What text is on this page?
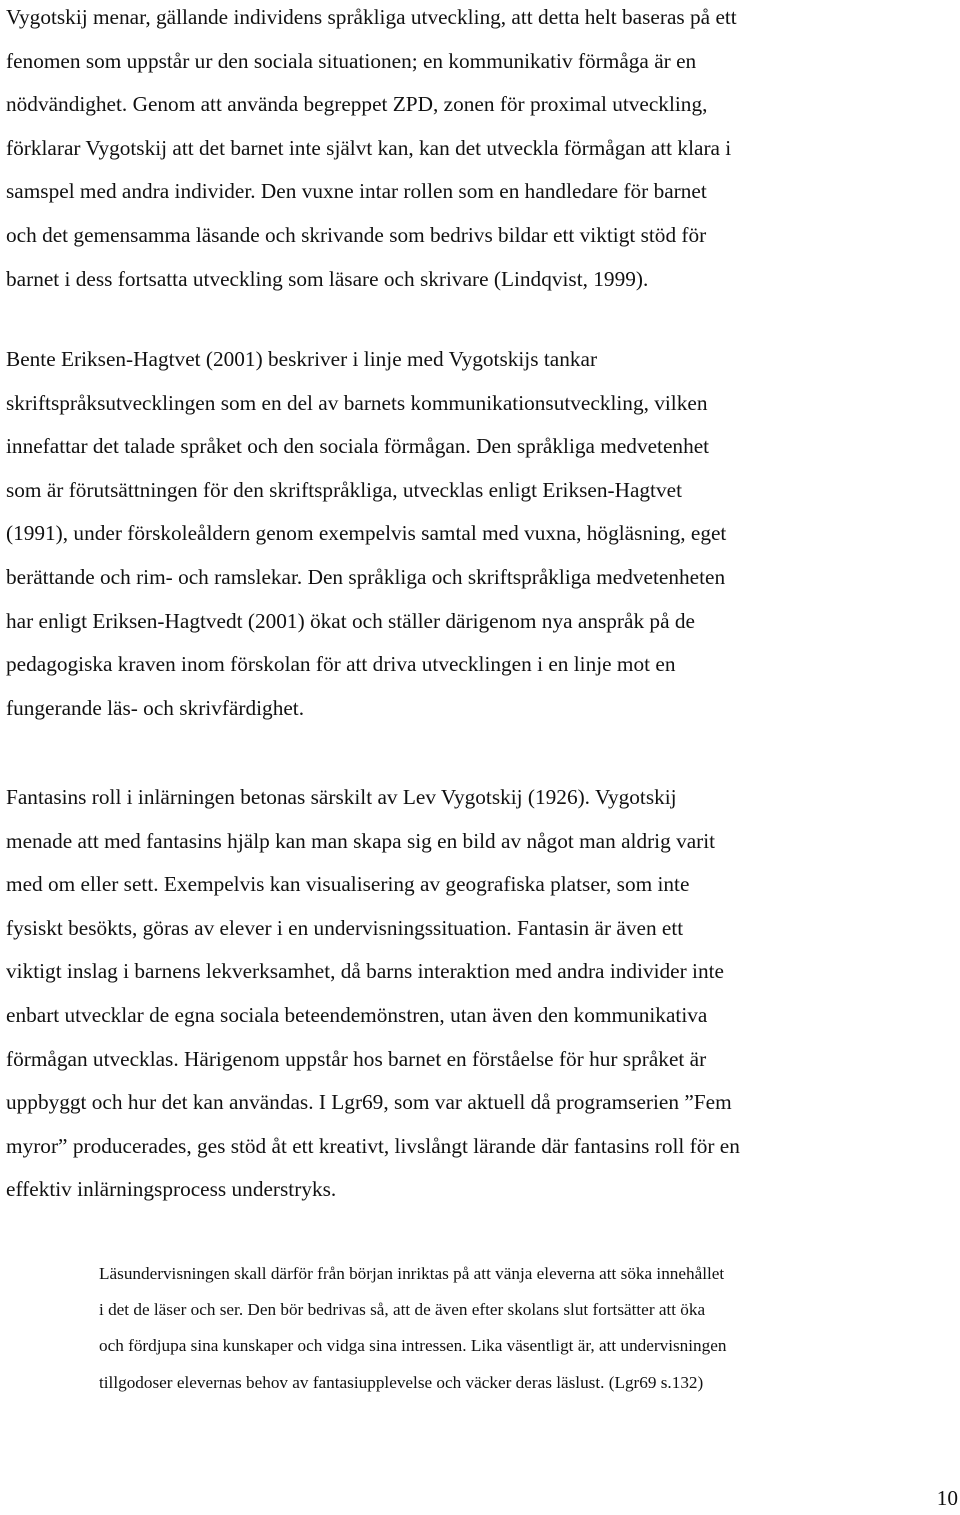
Vygotskij menar, gällande individens språkliga utveckling, att detta helt baseras på ett
fenomen som uppstår ur den sociala situationen; en kommunikativ förmåga är en
nödvändighet. Genom att använda begreppet ZPD, zonen för proximal utveckling,
förklarar Vygotskij att det barnet inte självt kan, kan det utveckla förmågan att klara i
samspel med andra individer. Den vuxne intar rollen som en handledare för barnet
och det gemensamma läsande och skrivande som bedrivs bildar ett viktigt stöd för
barnet i dess fortsatta utveckling som läsare och skrivare (Lindqvist, 1999).

Bente Eriksen-Hagtvet (2001) beskriver i linje med Vygotskijs tankar
skriftspråksutvecklingen som en del av barnets kommunikationsutveckling, vilken
innefattar det talade språket och den sociala förmågan. Den språkliga medvetenhet
som är förutsättningen för den skriftspråkliga, utvecklas enligt Eriksen-Hagtvet
(1991), under förskoleåldern genom exempelvis samtal med vuxna, högläsning, eget
berättande och rim- och ramslekar. Den språkliga och skriftspråkliga medvetenheten
har enligt Eriksen-Hagtvedt (2001) ökat och ställer därigenom nya anspråk på de
pedagogiska kraven inom förskolan för att driva utvecklingen i en linje mot en
fungerande läs- och skrivfärdighet.

Fantasins roll i inlärningen betonas särskilt av Lev Vygotskij (1926). Vygotskij
menade att med fantasins hjälp kan man skapa sig en bild av något man aldrig varit
med om eller sett. Exempelvis kan visualisering av geografiska platser, som inte
fysiskt besökts, göras av elever i en undervisningssituation. Fantasin är även ett
viktigt inslag i barnens lekverksamhet, då barns interaktion med andra individer inte
enbart utvecklar de egna sociala beteendemönstren, utan även den kommunikativa
förmågan utvecklas. Härigenom uppstår hos barnet en förståelse för hur språket är
uppbyggt och hur det kan användas. I Lgr69, som var aktuell då programserien ”Fem
myror” producerades, ges stöd åt ett kreativt, livslångt lärande där fantasins roll för en
effektiv inlärningsprocess understryks.

Läsundervisningen skall därför från början inriktas på att vänja eleverna att söka innehållet
i det de läser och ser. Den bör bedrivas så, att de även efter skolans slut fortsätter att öka
och fördjupa sina kunskaper och vidga sina intressen. Lika väsentligt är, att undervisningen
tillgodoser elevernas behov av fantasiupplevelse och väcker deras läslust. (Lgr69 s.132)
10
